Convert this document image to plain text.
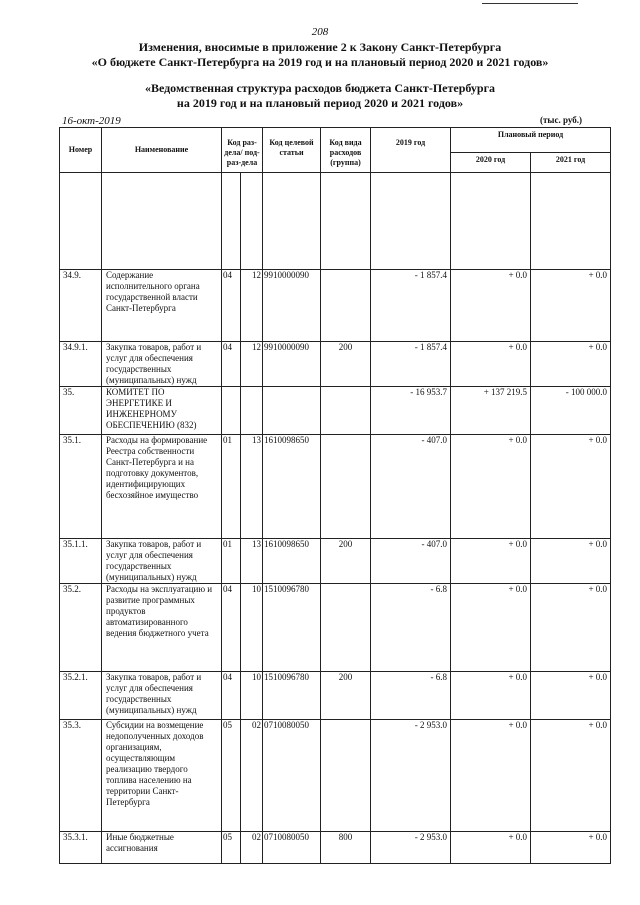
208
Изменения, вносимые в приложение 2 к Закону Санкт-Петербурга
«О бюджете Санкт-Петербурга на 2019 год и на плановый период 2020 и 2021 годов»
«Ведомственная структура расходов бюджета Санкт-Петербурга
на 2019 год и на плановый период 2020 и 2021 годов»
16-окт-2019	(тыс. руб.)
Номер	Наименование	Код раз-дела/ под-раз-дела		Код целевой статьи	Код вида расходов (группа)	2019 год	Плановый период	
							2020 год	2021 год

34.9.	Содержание исполнительного органа государственной власти Санкт-Петербурга	04	12	9910000090		- 1 857.4	+ 0.0	+ 0.0
34.9.1.	Закупка товаров, работ и услуг для обеспечения государственных (муниципальных) нужд	04	12	9910000090	200	- 1 857.4	+ 0.0	+ 0.0
35.	КОМИТЕТ ПО ЭНЕРГЕТИКЕ И ИНЖЕНЕРНОМУ ОБЕСПЕЧЕНИЮ (832)					- 16 953.7	+ 137 219.5	- 100 000.0
35.1.	Расходы на формирование Реестра собственности Санкт-Петербурга и на подготовку документов, идентифицирующих бесхозяйное имущество	01	13	1610098650		- 407.0	+ 0.0	+ 0.0
35.1.1.	Закупка товаров, работ и услуг для обеспечения государственных (муниципальных) нужд	01	13	1610098650	200	- 407.0	+ 0.0	+ 0.0
35.2.	Расходы на эксплуатацию и развитие программных продуктов автоматизированного ведения бюджетного учета	04	10	1510096780		- 6.8	+ 0.0	+ 0.0
35.2.1.	Закупка товаров, работ и услуг для обеспечения государственных (муниципальных) нужд	04	10	1510096780	200	- 6.8	+ 0.0	+ 0.0
35.3.	Субсидии на возмещение недополученных доходов организациям, осуществляющим реализацию твердого топлива населению на территории Санкт-Петербурга	05	02	0710080050		- 2 953.0	+ 0.0	+ 0.0
35.3.1.	Иные бюджетные ассигнования	05	02	0710080050	800	- 2 953.0	+ 0.0	+ 0.0
